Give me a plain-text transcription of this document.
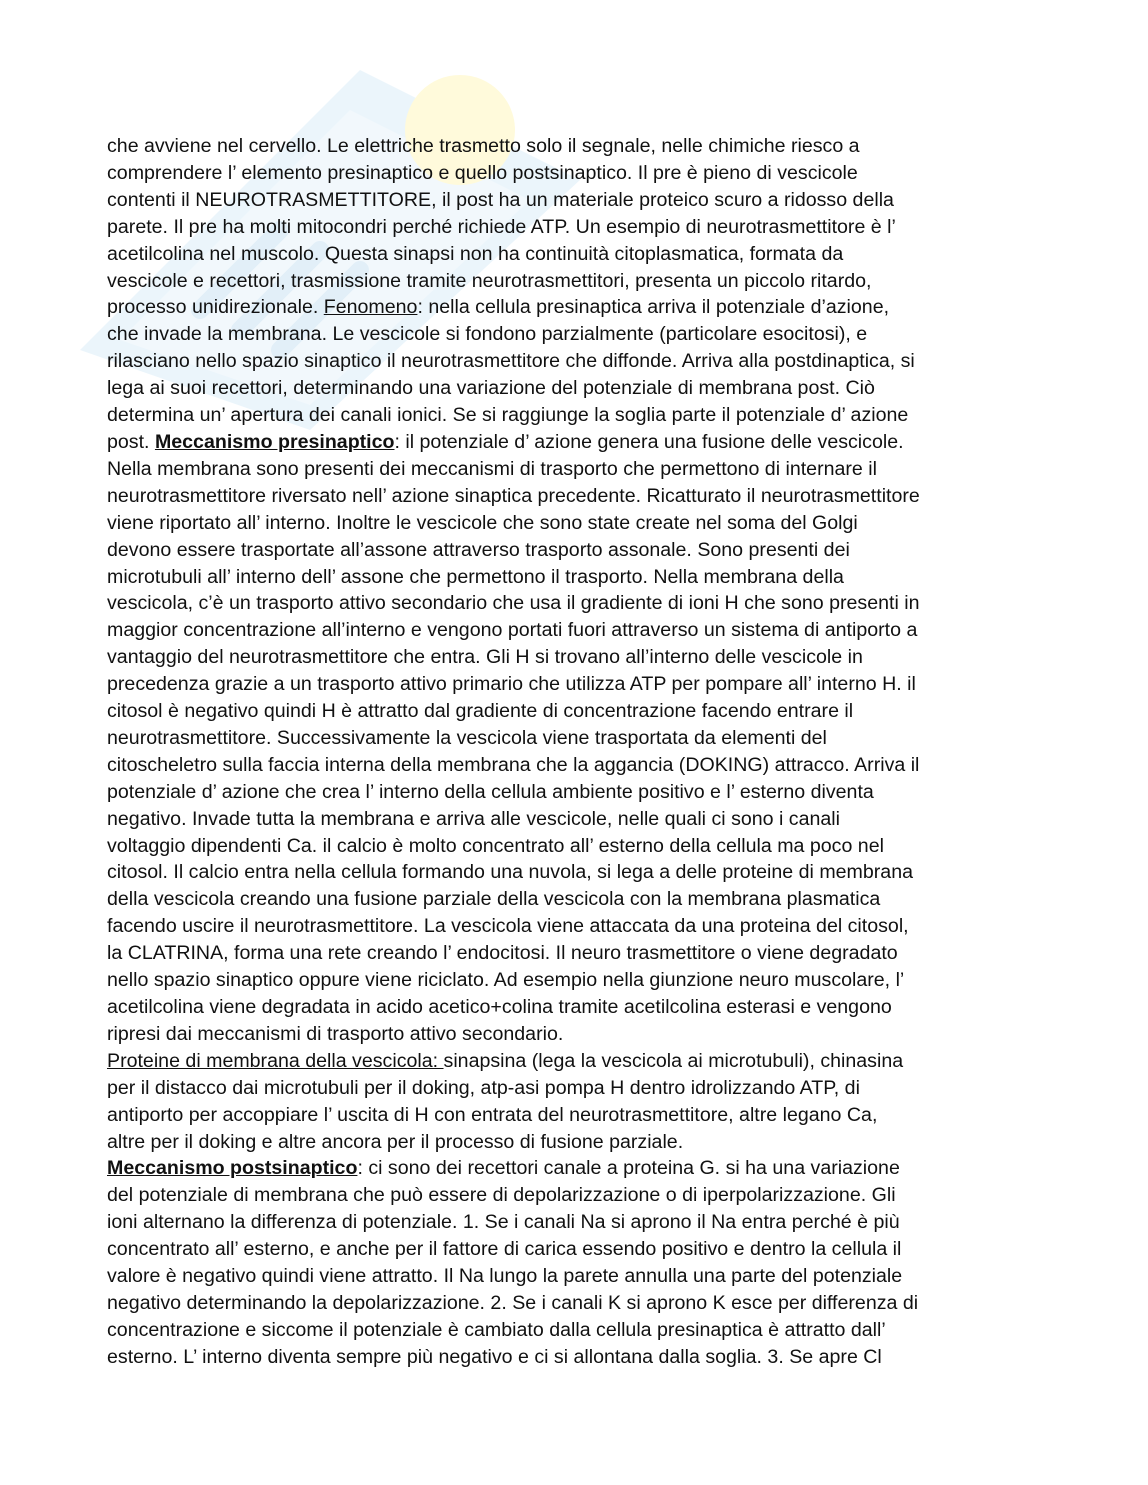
che avviene nel cervello. Le elettriche trasmetto solo il segnale, nelle chimiche riesco a
comprendere l’ elemento presinaptico e quello postsinaptico. Il pre è pieno di vescicole
contenti il NEUROTRASMETTITORE, il post ha un materiale proteico scuro a ridosso della
parete. Il pre ha molti mitocondri perché richiede ATP. Un esempio di neurotrasmettitore è l’
acetilcolina nel muscolo. Questa sinapsi non ha continuità citoplasmatica, formata da
vescicole e recettori, trasmissione tramite neurotrasmettitori, presenta un piccolo ritardo,
processo unidirezionale. Fenomeno: nella cellula presinaptica arriva il potenziale d’azione,
che invade la membrana. Le vescicole si fondono parzialmente (particolare esocitosi), e
rilasciano nello spazio sinaptico il neurotrasmettitore che diffonde. Arriva alla postdinaptica, si
lega ai suoi recettori, determinando una variazione del potenziale di membrana post. Ciò
determina un’ apertura dei canali ionici. Se si raggiunge la soglia parte il potenziale d’ azione
post. Meccanismo presinaptico: il potenziale d’ azione genera una fusione delle vescicole.
Nella membrana sono presenti dei meccanismi di trasporto che permettono di internare il
neurotrasmettitore riversato nell’ azione sinaptica precedente. Ricatturato il neurotrasmettitore
viene riportato all’ interno. Inoltre le vescicole che sono state create nel soma del Golgi
devono essere trasportate all’assone attraverso trasporto assonale. Sono presenti dei
microtubuli all’ interno dell’ assone che permettono il trasporto. Nella membrana della
vescicola, c’è un trasporto attivo secondario che usa il gradiente di ioni H che sono presenti in
maggior concentrazione all’interno e vengono portati fuori attraverso un sistema di antiporto a
vantaggio del neurotrasmettitore che entra. Gli H si trovano all’interno delle vescicole in
precedenza grazie a un trasporto attivo primario che utilizza ATP per pompare all’ interno H. il
citosol è negativo quindi H è attratto dal gradiente di concentrazione facendo entrare il
neurotrasmettitore. Successivamente la vescicola viene trasportata da elementi del
citoscheletro sulla faccia interna della membrana che la aggancia (DOKING) attracco. Arriva il
potenziale d’ azione che crea l’ interno della cellula ambiente positivo e l’ esterno diventa
negativo. Invade tutta la membrana e arriva alle vescicole, nelle quali ci sono i canali
voltaggio dipendenti Ca. il calcio è molto concentrato all’ esterno della cellula ma poco nel
citosol. Il calcio entra nella cellula formando una nuvola, si lega a delle proteine di membrana
della vescicola creando una fusione parziale della vescicola con la membrana plasmatica
facendo uscire il neurotrasmettitore. La vescicola viene attaccata da una proteina del citosol,
la CLATRINA, forma una rete creando l’ endocitosi. Il neuro trasmettitore o viene degradato
nello spazio sinaptico oppure viene riciclato. Ad esempio nella giunzione neuro muscolare, l’
acetilcolina viene degradata in acido acetico+colina tramite acetilcolina esterasi e vengono
ripresi dai meccanismi di trasporto attivo secondario.
Proteine di membrana della vescicola: sinapsina (lega la vescicola ai microtubuli), chinasina
per il distacco dai microtubuli per il doking, atp-asi pompa H dentro idrolizzando ATP, di
antiporto per accoppiare l’ uscita di H con entrata del neurotrasmettitore, altre legano Ca,
altre per il doking e altre ancora per il processo di fusione parziale.
Meccanismo postsinaptico: ci sono dei recettori canale a proteina G. si ha una variazione
del potenziale di membrana che può essere di depolarizzazione o di iperpolarizzazione. Gli
ioni alternano la differenza di potenziale. 1. Se i canali Na si aprono il Na entra perché è più
concentrato all’ esterno, e anche per il fattore di carica essendo positivo e dentro la cellula il
valore è negativo quindi viene attratto. Il Na lungo la parete annulla una parte del potenziale
negativo determinando la depolarizzazione. 2. Se i canali K si aprono K esce per differenza di
concentrazione e siccome il potenziale è cambiato dalla cellula presinaptica è attratto dall’
esterno. L’ interno diventa sempre più negativo e ci si allontana dalla soglia. 3. Se apre Cl
